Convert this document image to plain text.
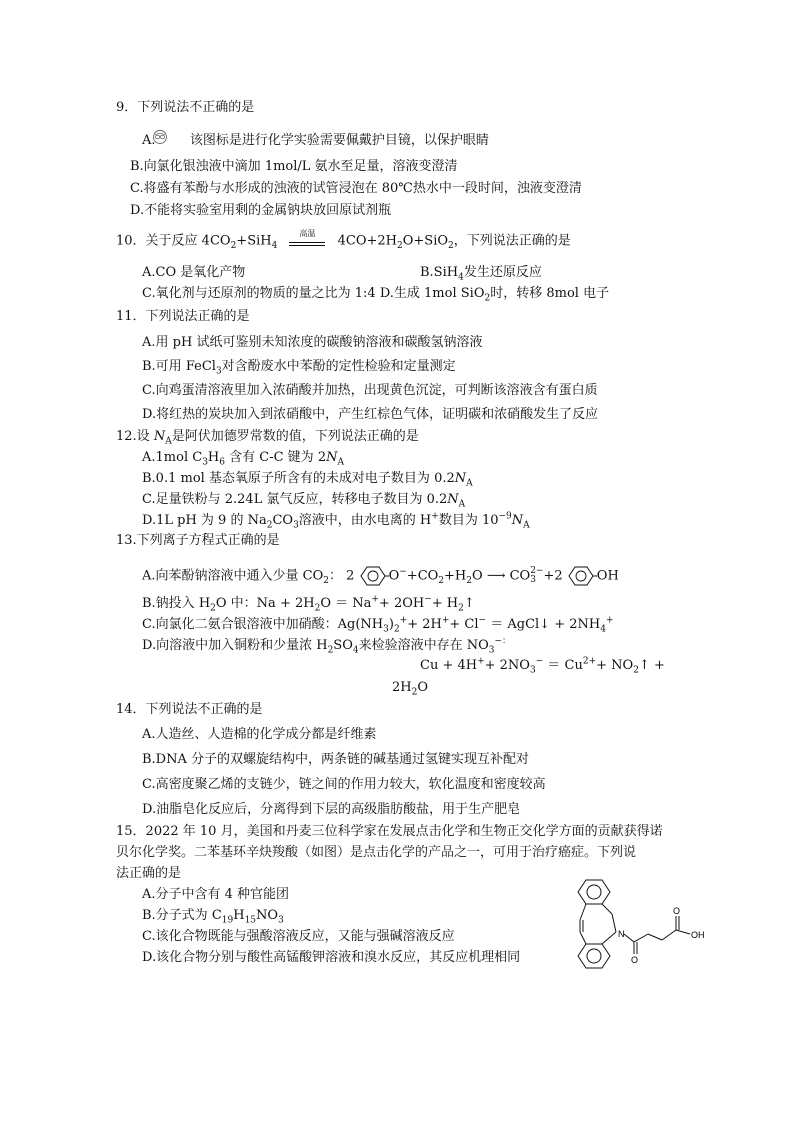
9．下列说法不正确的是
A.	该图标是进行化学实验需要佩戴护目镜，以保护眼睛
B.向氯化银浊液中滴加 1mol/L 氨水至足量，溶液变澄清
C.将盛有苯酚与水形成的浊液的试管浸泡在 80℃热水中一段时间，浊液变澄清
D.不能将实验室用剩的金属钠块放回原试剂瓶
10．关于反应 $4CO_2+SiH_4$
高温	$4CO+2H_2O+SiO_2$，下列说法正确的是
A.CO 是氧化产物	B.SiH$_4$发生还原反应
C.氧化剂与还原剂的物质的量之比为 1:4 D.生成 1mol SiO$_2$时，转移 8mol 电子
11．下列说法正确的是
A.用 pH 试纸可鉴别未知浓度的碳酸钠溶液和碳酸氢钠溶液
B.可用 FeCl$_3$对含酚废水中苯酚的定性检验和定量测定
C.向鸡蛋清溶液里加入浓硝酸并加热，出现黄色沉淀，可判断该溶液含有蛋白质
D.将红热的炭块加入到浓硝酸中，产生红棕色气体，证明碳和浓硝酸发生了反应
12.设 $N_A$是阿伏加德罗常数的值，下列说法正确的是
A.1mol $C_3H_6$ 含有 C-C 键为 $2N_A$
B.0.1 mol 基态氧原子所含有的未成对电子数目为 $0.2N_A$
C.足量铁粉与 2.24L 氯气反应，转移电子数目为 $0.2N_A$
D.1L pH 为 9 的 $Na_2CO_3$溶液中，由水电离的 H+数目为 $10^{-9}N_A$
13.下列离子方程式正确的是
A.向苯酚钠溶液中通入少量 $CO_2$： 2	$O^-+CO_2+H_2O$ ⟶ CO 2−
3 +2	OH
B.钠投入 $H_2O$ 中：$Na + 2H_2O = Na^++ 2OH^-+$ $H_2↑$
C.向氯化二氨合银溶液中加硝酸：$Ag(NH_3)_2^++ 2H^++ Cl^-$ ＝ AgCl↓ + $2NH_4^+$
D.向溶液中加入铜粉和少量浓 $H_2SO_4$来检验溶液中存在 $NO_3^{-:}$
$Cu + 4H^++ 2NO_3^- = Cu^{2+}+$ $NO_2↑$ +
$2H_2O$
14．下列说法不正确的是
A.人造丝、人造棉的化学成分都是纤维素
B.DNA 分子的双螺旋结构中，两条链的碱基通过氢键实现互补配对
C.高密度聚乙烯的支链少，链之间的作用力较大，软化温度和密度较高
D.油脂皂化反应后，分离得到下层的高级脂肪酸盐，用于生产肥皂
15．2022 年 10 月，美国和丹麦三位科学家在发展点击化学和生物正交化学方面的贡献获得诺
贝尔化学奖。二苯基环辛炔羧酸（如图）是点击化学的产品之一，可用于治疗癌症。下列说
法正确的是
A.分子中含有 4 种官能团
B.分子式为 $C_{19}H_{15}NO_3$
C.该化合物既能与强酸溶液反应，又能与强碱溶液反应
D.该化合物分别与酸性高锰酸钾溶液和溴水反应，其反应机理相同
N
O
O
OH
